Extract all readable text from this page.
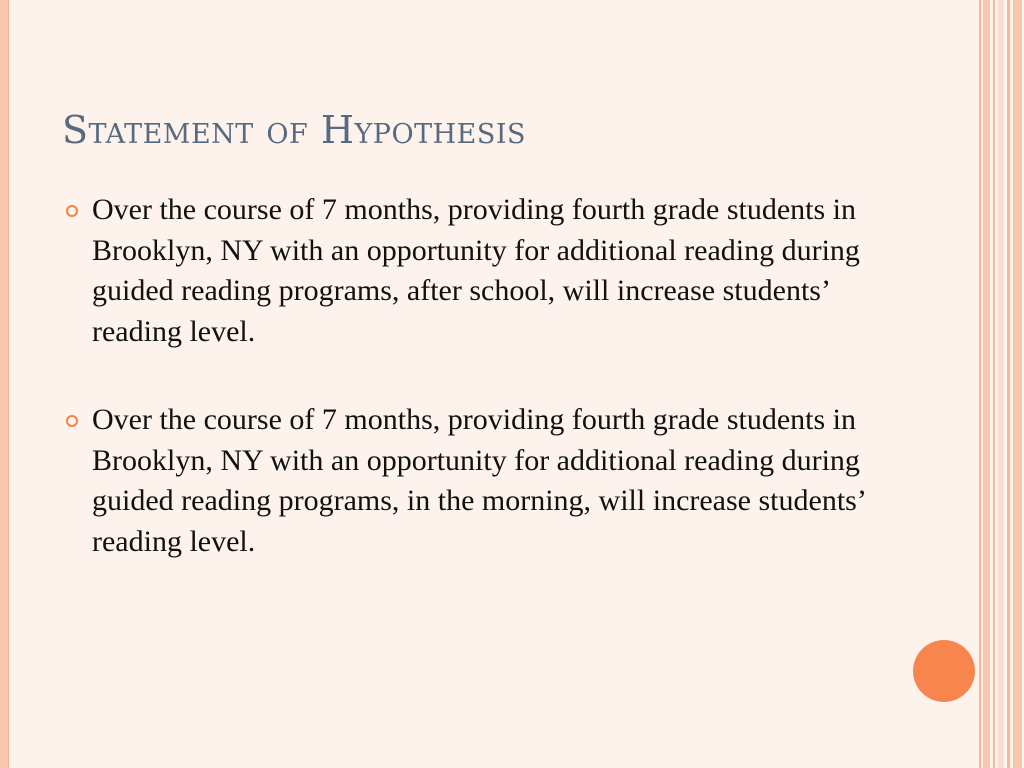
Statement of Hypothesis
Over the course of 7 months, providing fourth grade students in Brooklyn, NY with an opportunity for additional reading during guided reading programs, after school, will increase students’ reading level.
Over the course of 7 months, providing fourth grade students in Brooklyn, NY with an opportunity for additional reading during guided reading programs, in the morning, will increase students’ reading level.
